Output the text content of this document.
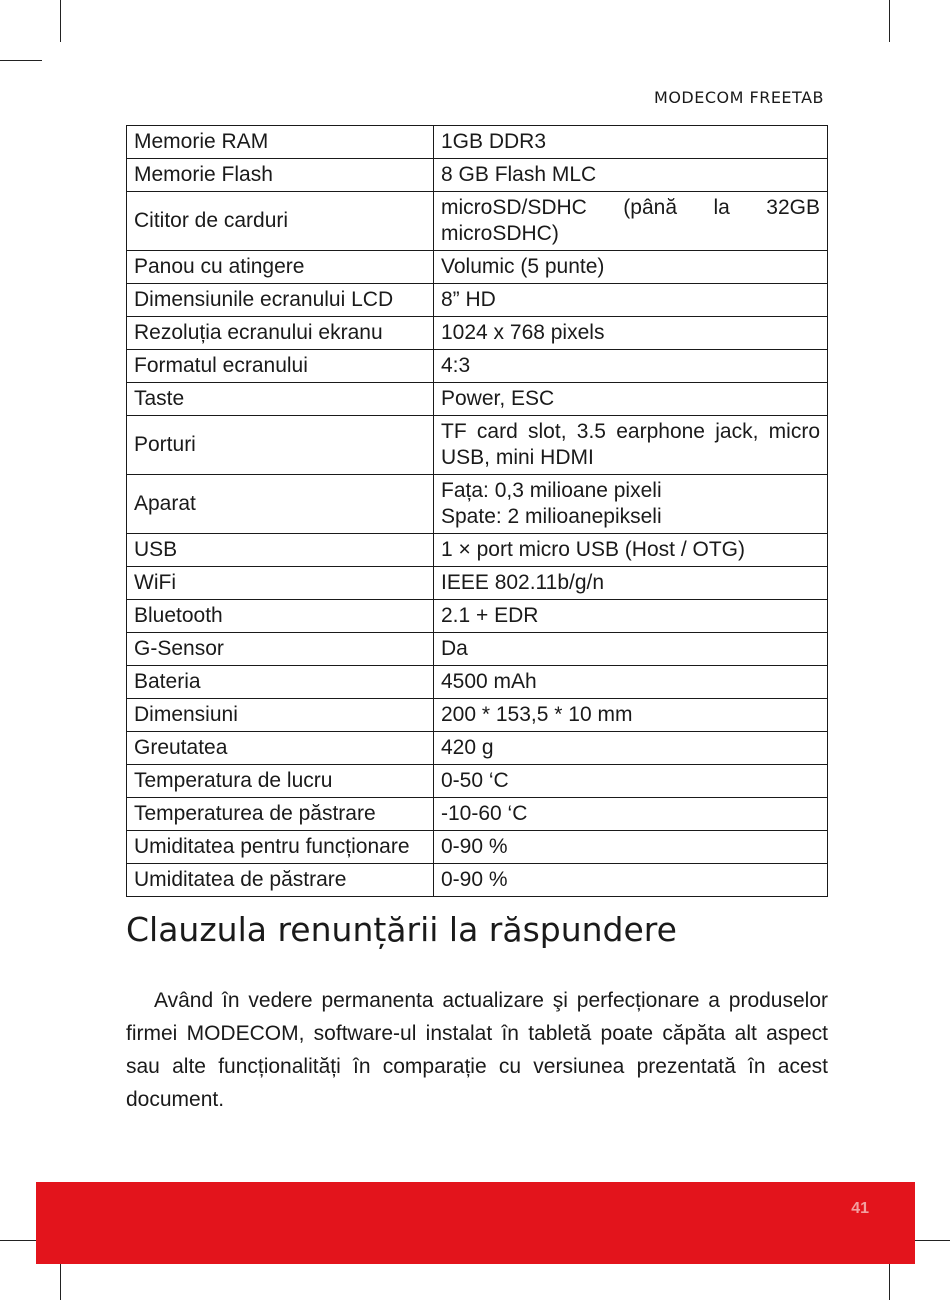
MODECOM FREETAB
Memorie RAM	1GB DDR3
Memorie Flash	8 GB Flash MLC
Cititor de carduri	microSD/SDHC (până la 32GB microSDHC)
Panou cu atingere	Volumic (5 punte)
Dimensiunile ecranului LCD	8” HD
Rezoluția ecranului ekranu	1024 x 768 pixels
Formatul ecranului	4:3
Taste	Power, ESC
Porturi	TF card slot, 3.5 earphone jack, micro USB, mini HDMI
Aparat	Fața: 0,3 milioane pixeli
Spate: 2 milioanepikseli

USB	1 × port micro USB (Host / OTG)
WiFi	IEEE 802.11b/g/n
Bluetooth	2.1 + EDR
G-Sensor	Da
Bateria	4500 mAh
Dimensiuni	200 * 153,5 * 10 mm
Greutatea	420 g
Temperatura de lucru	0-50 ‘C
Temperaturea de păstrare	-10-60 ‘C
Umiditatea pentru funcționare	0-90 %
Umiditatea de păstrare	0-90 %
Clauzula renunțării la răspundere

Având în vedere permanenta actualizare şi perfecționare a produselor firmei MODECOM, software-ul instalat în tabletă poate căpăta alt aspect sau alte funcționalități în comparație cu versiunea prezentată în acest document.

41
